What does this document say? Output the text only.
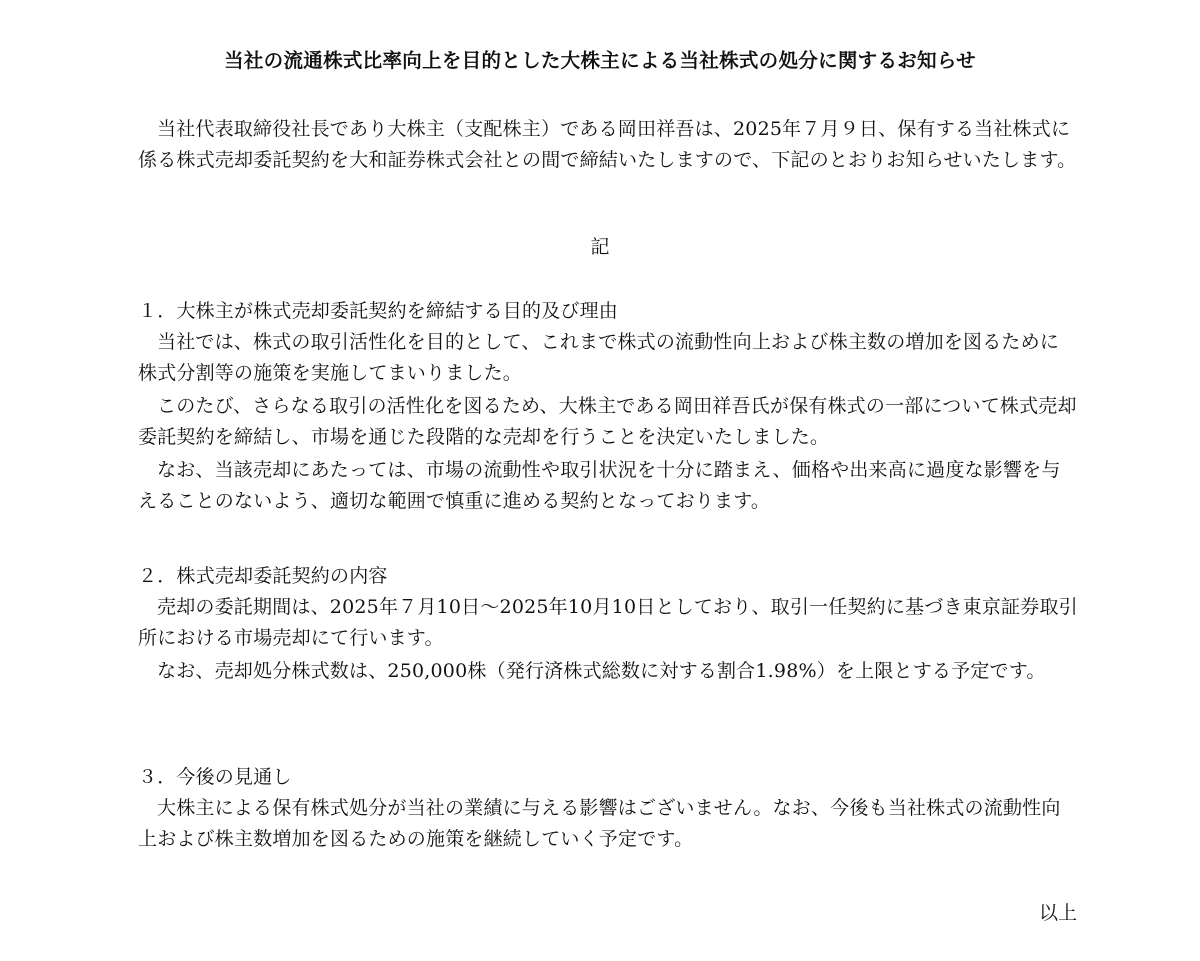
当社の流通株式比率向上を目的とした大株主による当社株式の処分に関するお知らせ

当社代表取締役社長であり大株主（支配株主）である岡田祥吾は、2025年７月９日、保有する当社株式に係る株式売却委託契約を大和証券株式会社との間で締結いたしますので、下記のとおりお知らせいたします。

記

１．大株主が株式売却委託契約を締結する目的及び理由

当社では、株式の取引活性化を目的として、これまで株式の流動性向上および株主数の増加を図るために株式分割等の施策を実施してまいりました。

このたび、さらなる取引の活性化を図るため、大株主である岡田祥吾氏が保有株式の一部について株式売却委託契約を締結し、市場を通じた段階的な売却を行うことを決定いたしました。

なお、当該売却にあたっては、市場の流動性や取引状況を十分に踏まえ、価格や出来高に過度な影響を与えることのないよう、適切な範囲で慎重に進める契約となっております。

２．株式売却委託契約の内容

売却の委託期間は、2025年７月10日～2025年10月10日としており、取引一任契約に基づき東京証券取引所における市場売却にて行います。

なお、売却処分株式数は、250,000株（発行済株式総数に対する割合1.98%）を上限とする予定です。

３．今後の見通し

大株主による保有株式処分が当社の業績に与える影響はございません。なお、今後も当社株式の流動性向上および株主数増加を図るための施策を継続していく予定です。

以上
